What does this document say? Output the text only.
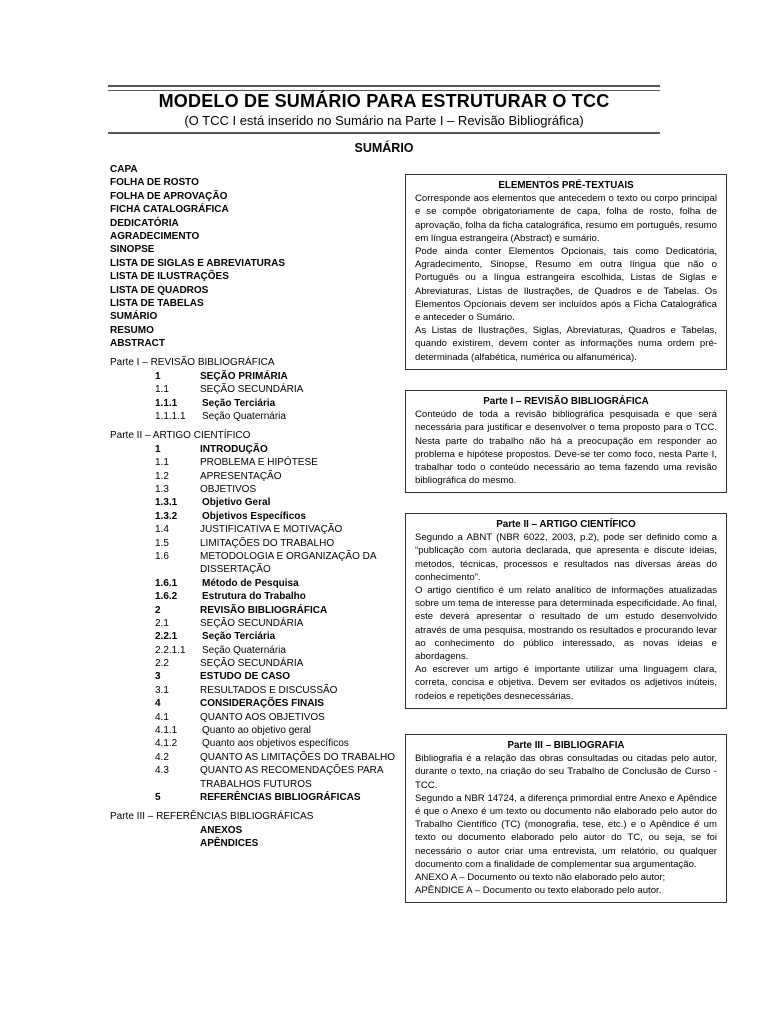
MODELO DE SUMÁRIO PARA ESTRUTURAR O TCC
(O TCC I está inserido no Sumário na Parte I – Revisão Bibliográfica)
SUMÁRIO
CAPA
FOLHA DE ROSTO
FOLHA DE APROVAÇÃO
FICHA CATALOGRÁFICA
DEDICATÓRIA
AGRADECIMENTO
SINOPSE
LISTA DE SIGLAS E ABREVIATURAS
LISTA DE ILUSTRAÇÕES
LISTA DE QUADROS
LISTA DE TABELAS
SUMÁRIO
RESUMO
ABSTRACT
Parte I – REVISÃO BIBLIOGRÁFICA
1	SEÇÃO PRIMÁRIA
1.1	SEÇÃO SECUNDÁRIA
1.1.1 Seção Terciária
1.1.1.1 Seção Quaternária
Parte II – ARTIGO CIENTÍFICO
1	INTRODUÇÃO
1.1	PROBLEMA E HIPÓTESE
1.2	APRESENTAÇÃO
1.3	OBJETIVOS
1.3.1 Objetivo Geral
1.3.2 Objetivos Específicos
1.4	JUSTIFICATIVA E MOTIVAÇÃO
1.5	LIMITAÇÕES DO TRABALHO
1.6	METODOLOGIA E ORGANIZAÇÃO DA DISSERTAÇÃO
1.6.1 Método de Pesquisa
1.6.2 Estrutura do Trabalho
2	REVISÃO BIBLIOGRÁFICA
2.1	SEÇÃO SECUNDÁRIA
2.2.1 Seção Terciária
2.2.1.1 Seção Quaternária
2.2	SEÇÃO SECUNDÁRIA
3	ESTUDO DE CASO
3.1	RESULTADOS E DISCUSSÃO
4	CONSIDERAÇÕES FINAIS
4.1	QUANTO AOS OBJETIVOS
4.1.1 Quanto ao objetivo geral
4.1.2 Quanto aos objetivos específicos
4.2	QUANTO AS LIMITAÇÕES DO TRABALHO
4.3	QUANTO AS RECOMENDAÇÕES PARA TRABALHOS FUTUROS
5	REFERÊNCIAS BIBLIOGRÁFICAS
Parte III – REFERÊNCIAS BIBLIOGRÁFICAS
ANEXOS
APÊNDICES
ELEMENTOS PRÉ-TEXTUAIS

Corresponde aos elementos que antecedem o texto ou corpo principal e se compõe obrigatoriamente de capa, folha de rosto, folha de aprovação, folha da ficha catalográfica, resumo em português, resumo em língua estrangeira (Abstract) e sumário.

Pode ainda conter Elementos Opcionais, tais como Dedicatória, Agradecimento, Sinopse, Resumo em outra língua que não o Português ou a língua estrangeira escolhida, Listas de Siglas e Abreviaturas, Listas de Ilustrações, de Quadros e de Tabelas. Os Elementos Opcionais devem ser incluídos após a Ficha Catalográfica e anteceder o Sumário.

As Listas de Ilustrações, Siglas, Abreviaturas, Quadros e Tabelas, quando existirem, devem conter as informações numa ordem pré-determinada (alfabética, numérica ou alfanumérica).

Parte I – REVISÃO BIBLIOGRÁFICA

Conteúdo de toda a revisão bibliográfica pesquisada e que será necessária para justificar e desenvolver o tema proposto para o TCC. Nesta parte do trabalho não há a preocupação em responder ao problema e hipótese propostos. Deve-se ter como foco, nesta Parte I, trabalhar todo o conteúdo necessário ao tema fazendo uma revisão bibliográfica do mesmo.

Parte II – ARTIGO CIENTÍFICO

Segundo a ABNT (NBR 6022, 2003, p.2), pode ser definido como a “publicação com autoria declarada, que apresenta e discute ideias, métodos, técnicas, processos e resultados nas diversas áreas do conhecimento”.

O artigo científico é um relato analítico de informações atualizadas sobre um tema de interesse para determinada especificidade. Ao final, este deverá apresentar o resultado de um estudo desenvolvido através de uma pesquisa, mostrando os resultados e procurando levar ao conhecimento do público interessado, as novas ideias e abordagens.

Ao escrever um artigo é importante utilizar uma linguagem clara, correta, concisa e objetiva. Devem ser evitados os adjetivos inúteis, rodeios e repetições desnecessárias.

Parte III – BIBLIOGRAFIA

Bibliografia é a relação das obras consultadas ou citadas pelo autor, durante o texto, na criação do seu Trabalho de Conclusão de Curso - TCC.

Segundo a NBR 14724, a diferença primordial entre Anexo e Apêndice é que o Anexo é um texto ou documento não elaborado pelo autor do Trabalho Científico (TC) (monografia, tese, etc.) e o Apêndice é um texto ou documento elaborado pelo autor do TC, ou seja, se foi necessário o autor criar uma entrevista, um relatório, ou qualquer documento com a finalidade de complementar sua argumentação.

ANEXO A – Documento ou texto não elaborado pelo autor;

APÊNDICE A – Documento ou texto elaborado pelo autor.
